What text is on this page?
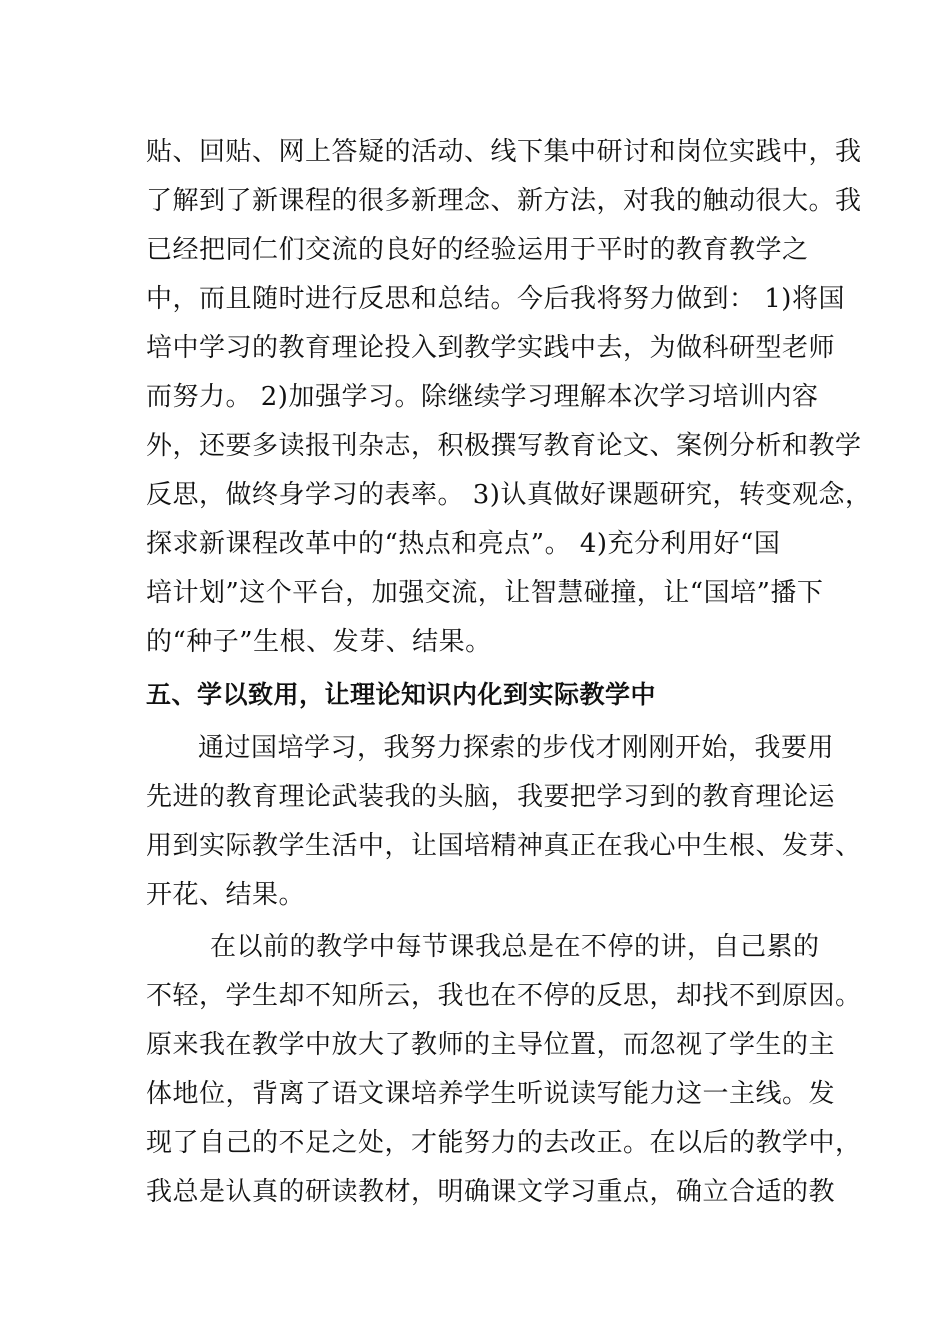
贴、回贴、网上答疑的活动、线下集中研讨和岗位实践中，我
了解到了新课程的很多新理念、新方法，对我的触动很大。我
已经把同仁们交流的良好的经验运用于平时的教育教学之
中，而且随时进行反思和总结。今后我将努力做到： 1)将国
培中学习的教育理论投入到教学实践中去，为做科研型老师
而努力。 2)加强学习。除继续学习理解本次学习培训内容
外，还要多读报刊杂志，积极撰写教育论文、案例分析和教学
反思，做终身学习的表率。 3)认真做好课题研究，转变观念，
探求新课程改革中的“热点和亮点”。 4)充分利用好“国
培计划”这个平台，加强交流，让智慧碰撞，让“国培”播下
的“种子”生根、发芽、结果。
五、学以致用，让理论知识内化到实际教学中
通过国培学习，我努力探索的步伐才刚刚开始，我要用
先进的教育理论武装我的头脑，我要把学习到的教育理论运
用到实际教学生活中，让国培精神真正在我心中生根、发芽、
开花、结果。
在以前的教学中每节课我总是在不停的讲，自己累的
不轻，学生却不知所云，我也在不停的反思，却找不到原因。
原来我在教学中放大了教师的主导位置，而忽视了学生的主
体地位，背离了语文课培养学生听说读写能力这一主线。发
现了自己的不足之处，才能努力的去改正。在以后的教学中，
我总是认真的研读教材，明确课文学习重点，确立合适的教
